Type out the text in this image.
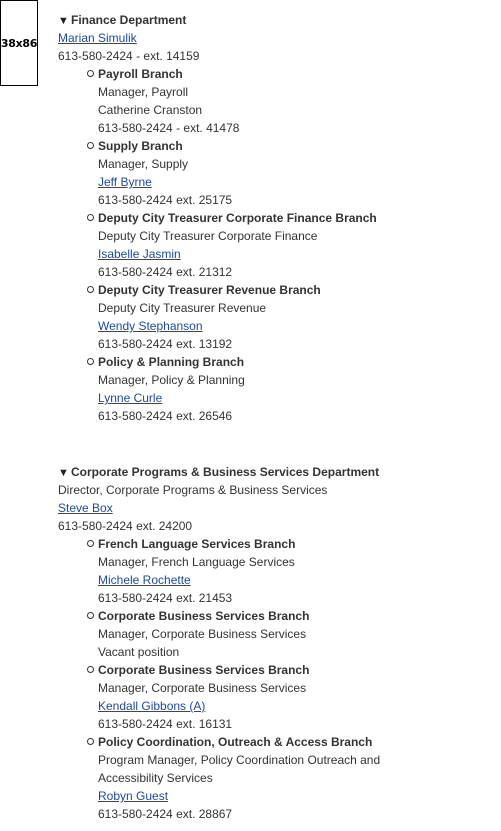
38x86
▼ Finance Department
Marian Simulik
613-580-2424 - ext. 14159
Payroll Branch
Manager, Payroll
Catherine Cranston
613-580-2424 - ext. 41478
Supply Branch
Manager, Supply
Jeff Byrne
613-580-2424 ext. 25175
Deputy City Treasurer Corporate Finance Branch
Deputy City Treasurer Corporate Finance
Isabelle Jasmin
613-580-2424 ext. 21312
Deputy City Treasurer Revenue Branch
Deputy City Treasurer Revenue
Wendy Stephanson
613-580-2424 ext. 13192
Policy & Planning Branch
Manager, Policy & Planning
Lynne Curle
613-580-2424 ext. 26546
▼ Corporate Programs & Business Services Department
Director, Corporate Programs & Business Services
Steve Box
613-580-2424 ext. 24200
French Language Services Branch
Manager, French Language Services
Michele Rochette
613-580-2424 ext. 21453
Corporate Business Services Branch
Manager, Corporate Business Services
Vacant position
Corporate Business Services Branch
Manager, Corporate Business Services
Kendall Gibbons (A)
613-580-2424 ext. 16131
Policy Coordination, Outreach & Access Branch
Program Manager, Policy Coordination Outreach and Accessibility Services
Robyn Guest
613-580-2424 ext. 28867
